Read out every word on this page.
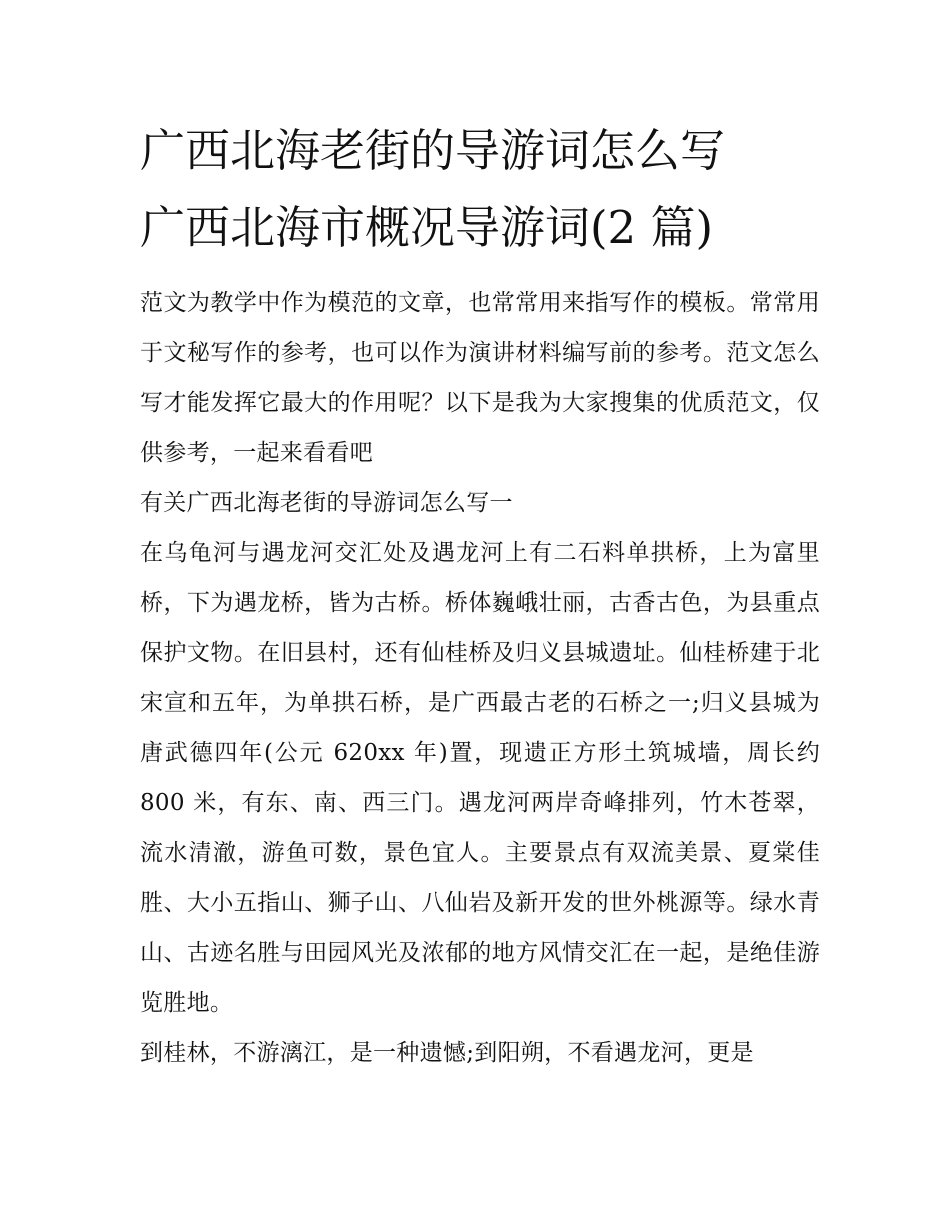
广西北海老街的导游词怎么写
广西北海市概况导游词(2 篇)

范文为教学中作为模范的文章，也常常用来指写作的模板。常常用于文秘写作的参考，也可以作为演讲材料编写前的参考。范文怎么写才能发挥它最大的作用呢？以下是我为大家搜集的优质范文，仅供参考，一起来看看吧

有关广西北海老街的导游词怎么写一

在乌龟河与遇龙河交汇处及遇龙河上有二石料单拱桥，上为富里桥，下为遇龙桥，皆为古桥。桥体巍峨壮丽，古香古色，为县重点保护文物。在旧县村，还有仙桂桥及归义县城遗址。仙桂桥建于北宋宣和五年，为单拱石桥，是广西最古老的石桥之一;归义县城为唐武德四年(公元 620xx 年)置，现遗正方形土筑城墙，周长约 800 米，有东、南、西三门。遇龙河两岸奇峰排列，竹木苍翠，流水清澈，游鱼可数，景色宜人。主要景点有双流美景、夏棠佳胜、大小五指山、狮子山、八仙岩及新开发的世外桃源等。绿水青山、古迹名胜与田园风光及浓郁的地方风情交汇在一起，是绝佳游览胜地。

到桂林，不游漓江，是一种遗憾;到阳朔，不看遇龙河，更是
